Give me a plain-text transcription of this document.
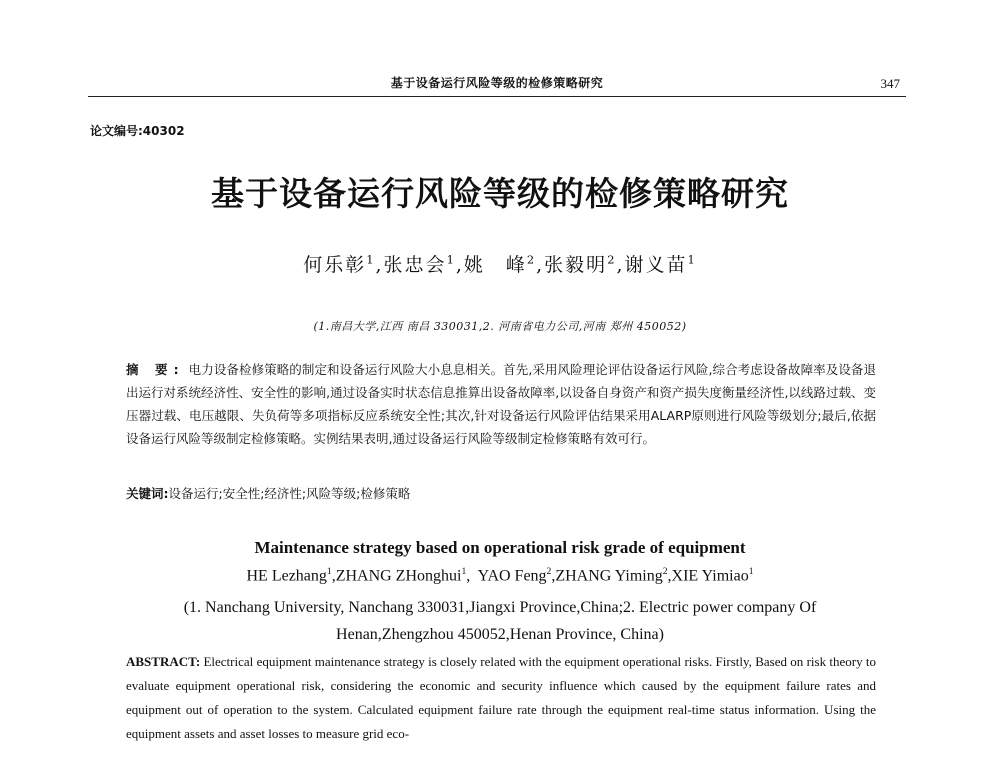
基于设备运行风险等级的检修策略研究	347
论文编号:40302
基于设备运行风险等级的检修策略研究
何乐彰$^1$,张忠会$^1$,姚　峰$^2$,张毅明$^2$,谢义苗$^1$
(1.南昌大学,江西 南昌 330031,2. 河南省电力公司,河南 郑州 450052)
摘 要: 电力设备检修策略的制定和设备运行风险大小息息相关。首先,采用风险理论评估设备运行风险,综合考虑设备故障率及设备退出运行对系统经济性、安全性的影响,通过设备实时状态信息推算出设备故障率,以设备自身资产和资产损失度衡量经济性,以线路过载、变压器过载、电压越限、失负荷等多项指标反应系统安全性;其次,针对设备运行风险评估结果采用ALARP原则进行风险等级划分;最后,依据设备运行风险等级制定检修策略。实例结果表明,通过设备运行风险等级制定检修策略有效可行。
关键词:设备运行;安全性;经济性;风险等级;检修策略
Maintenance strategy based on operational risk grade of equipment
HE Lezhang$^1$,ZHANG ZHonghui$^1$,  YAO Feng$^2$,ZHANG Yiming$^2$,XIE Yimiao$^1$
(1. Nanchang University, Nanchang 330031,Jiangxi Province,China;2. Electric power company Of
Henan,Zhengzhou 450052,Henan Province, China)
ABSTRACT: Electrical equipment maintenance strategy is closely related with the equipment operational risks. Firstly, Based on risk theory to evaluate equipment operational risk, considering the economic and security influence which caused by the equipment failure rates and equipment out of operation to the system. Calculated equipment failure rate through the equipment real-time status information. Using the equipment assets and asset losses to measure grid eco-
